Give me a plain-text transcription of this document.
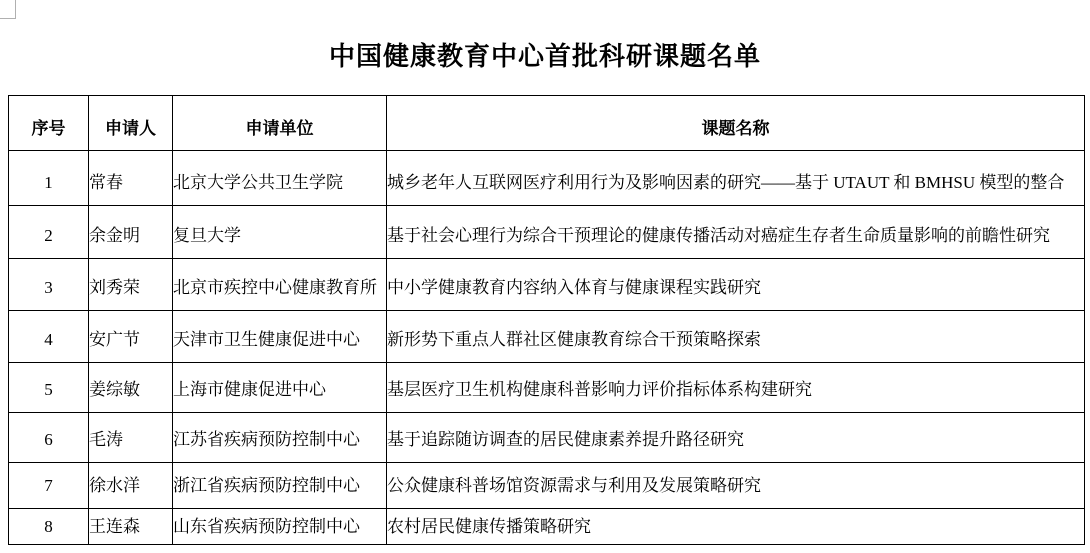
中国健康教育中心首批科研课题名单
序号	申请人	申请单位	课题名称
1	常春	北京大学公共卫生学院	城乡老年人互联网医疗利用行为及影响因素的研究——基于 UTAUT 和 BMHSU 模型的整合
2	余金明	复旦大学	基于社会心理行为综合干预理论的健康传播活动对癌症生存者生命质量影响的前瞻性研究
3	刘秀荣	北京市疾控中心健康教育所	中小学健康教育内容纳入体育与健康课程实践研究
4	安广节	天津市卫生健康促进中心	新形势下重点人群社区健康教育综合干预策略探索
5	姜综敏	上海市健康促进中心	基层医疗卫生机构健康科普影响力评价指标体系构建研究
6	毛涛	江苏省疾病预防控制中心	基于追踪随访调查的居民健康素养提升路径研究
7	徐水洋	浙江省疾病预防控制中心	公众健康科普场馆资源需求与利用及发展策略研究
8	王连森	山东省疾病预防控制中心	农村居民健康传播策略研究
